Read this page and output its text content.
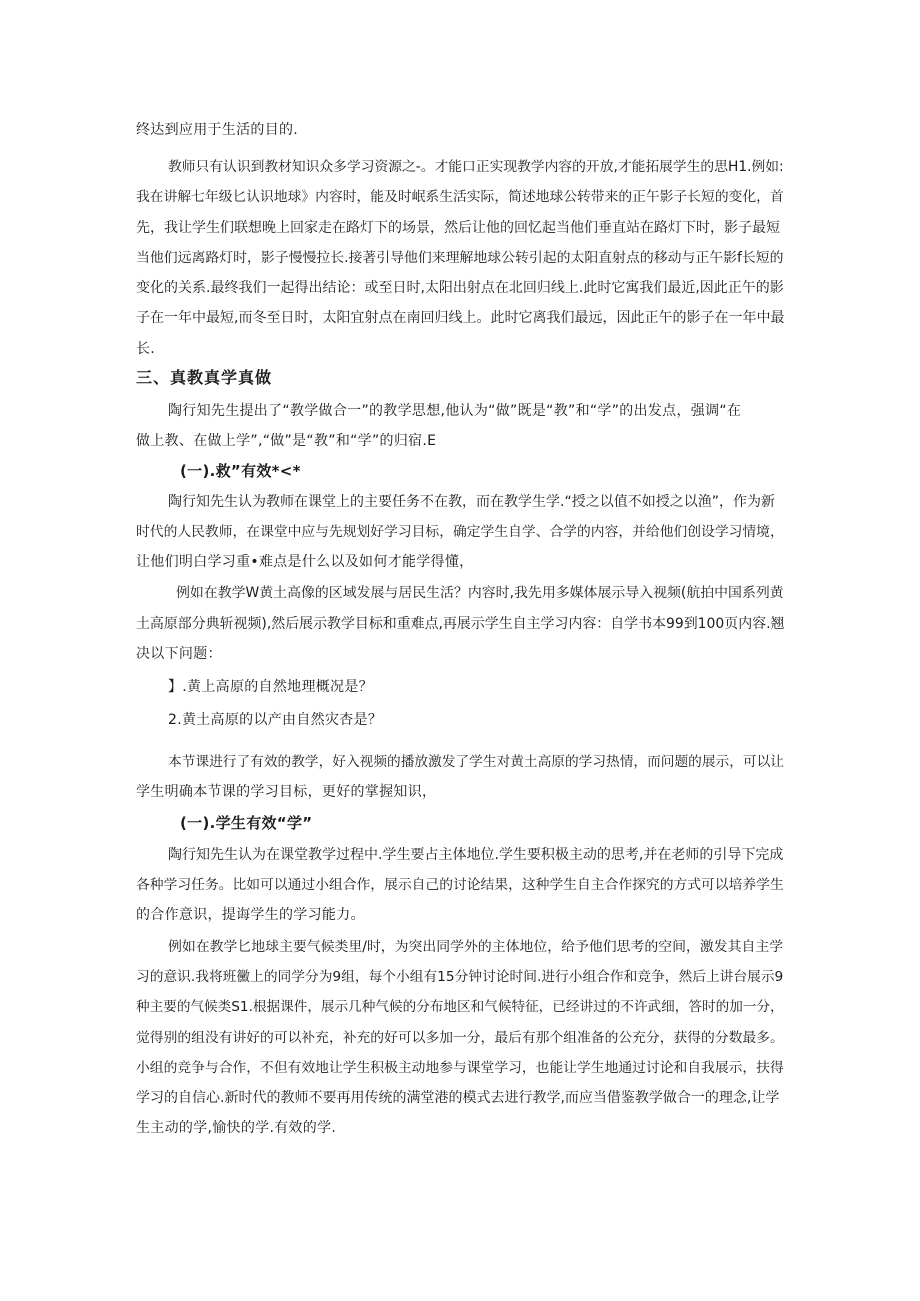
终达到应用于生活的目的.
教师只有认识到教材知识众多学习资源之-。才能口正实现教学内容的开放,才能拓展学生的思H1.例如:
我在讲解七年级匕认识地球》内容时，能及时岷系生活实际，简述地球公转带来的正午影子长短的变化，首
先，我让学生们联想晚上回家走在路灯下的场景，然后让他的回忆起当他们垂直站在路灯下时，影子最短
当他们远离路灯时，影子慢慢拉长.接著引导他们来理解地球公转引起的太阳直射点的移动与正午影f长短的
变化的关系.最终我们一起得出结论：或至日时,太阳出射点在北回归线上.此时它寓我们最近,因此正午的影
子在一年中最短,而冬至日时，太阳宜射点在南回归线上。此时它离我们最远，因此正午的影子在一年中最
长.
三、真教真学真做
陶行知先生提出了“教学做合一”的教学思想,他认为“做”既是“教”和“学”的出发点，强调“在
做上教、在做上学”,“做”是“教”和“学”的归宿.E
(一).救”有效*<*
陶行知先生认为教师在课堂上的主要任务不在教，而在教学生学.“授之以值不如授之以渔”，作为新
时代的人民教师，在课堂中应与先规划好学习目标，确定学生自学、合学的内容，并给他们创设学习情境，
让他们明白学习重•难点是什么以及如何才能学得懂，
例如在教学W黄土高像的区域发展与居民生活？内容时,我先用多媒体展示导入视频(航拍中国系列黄
土高原部分典斩视频),然后展示教学目标和重难点,再展示学生自主学习内容：自学书本99到100页内容.翘
决以下问题：
】.黄上高原的自然地理概况是？
2.黄土高原的以产由自然灾杏是？
本节课进行了有效的教学，好入视频的播放激发了学生对黄土高原的学习热情，而问题的展示，可以让
学生明确本节课的学习目标，更好的掌握知识，
(一).学生有效“学”
陶行知先生认为在课堂教学过程中.学生要占主体地位.学生要积极主动的思考,并在老师的引导下完成
各种学习任务。比如可以通过小组合作，展示自己的讨论结果，这种学生自主合作探究的方式可以培养学生
的合作意识，提诲学生的学习能力。
例如在教学匕地球主要气候类里/时，为突出同学外的主体地位，给予他们思考的空间，激发其自主学
习的意识.我将班黴上的同学分为9组，每个小组有15分钟讨论时间.进行小组合作和竞争，然后上讲台展示9
种主要的气候类S1.根据课件，展示几种气候的分布地区和气候特征，已经讲过的不许武细，答时的加一分，
觉得别的组没有讲好的可以补充，补充的好可以多加一分，最后有那个组准备的公充分，获得的分数最多。
小组的竞争与合作，不但有效地让学生积极主动地参与课堂学习，也能让学生地通过讨论和自我展示，扶得
学习的自信心.新时代的教师不要再用传统的满堂港的模式去进行教学,而应当借鉴教学做合一的理念,让学
生主动的学,愉快的学.有效的学.
